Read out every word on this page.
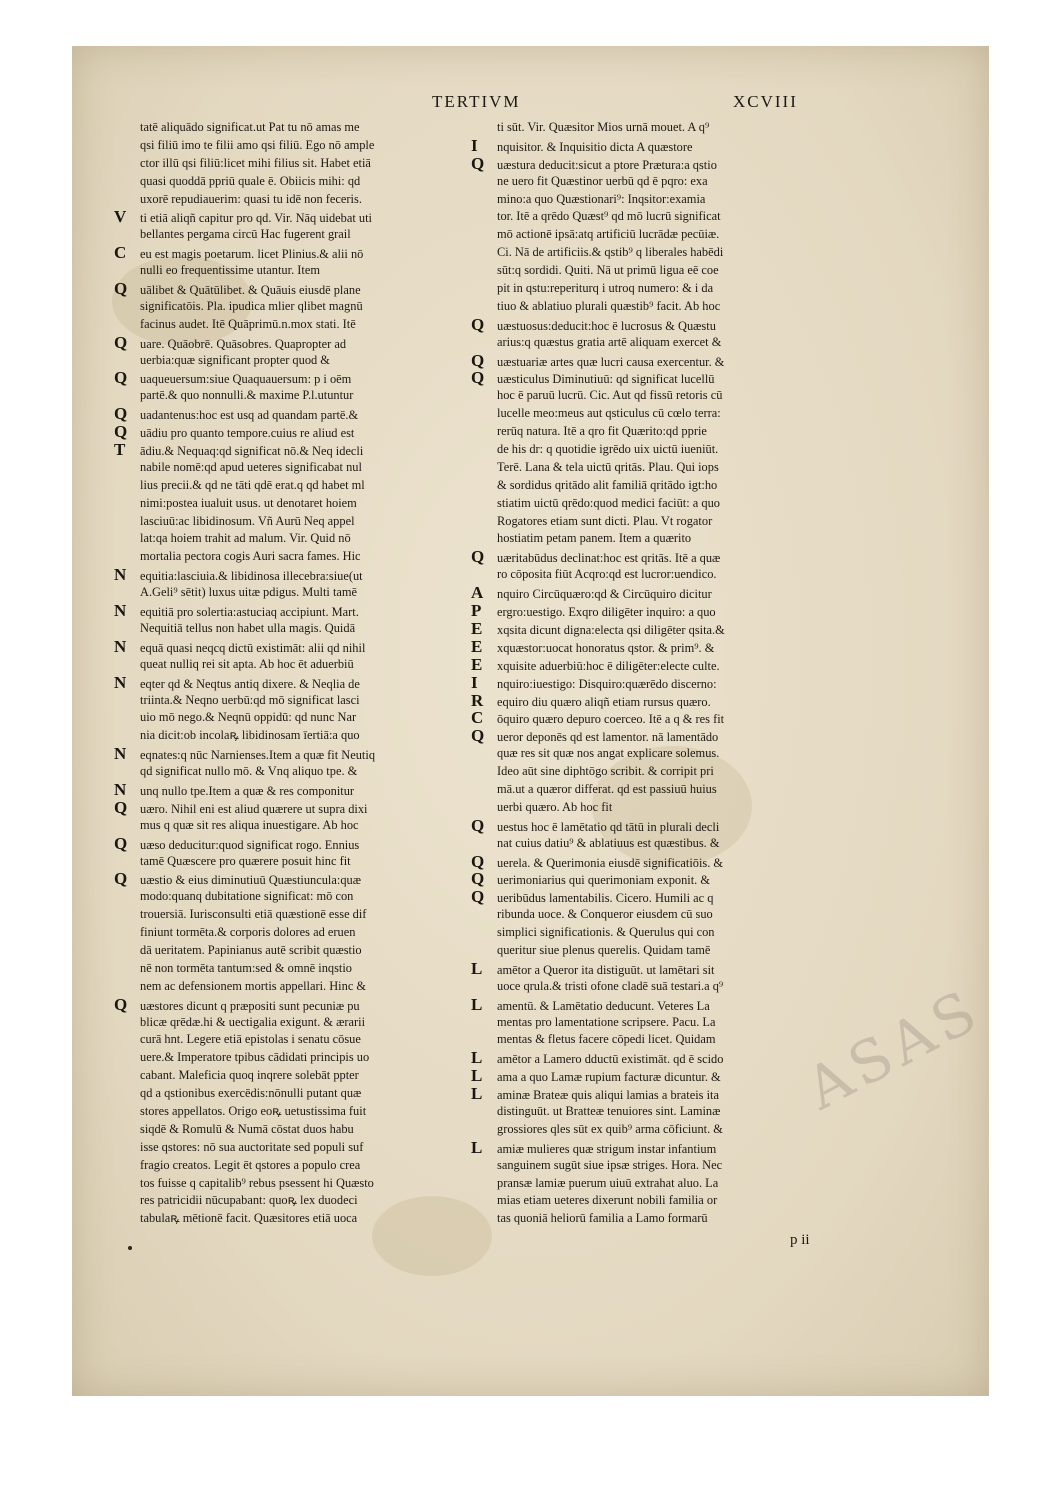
TERTIVM	XCVIII
tatē aliquādo significat.ut Pat tu nō amas me
qsi filiū imo te filii amo qsi filiū. Ego nō ample
ctor illū qsi filiū:licet mihi filius sit. Habet etiā
quasi quoddā ppriū quale ē. Obiicis mihi: qd
uxorē repudiauerim: quasi tu idē non feceris.
V ti etiā aliqñ capitur pro qd. Vir. Nāq uidebat uti
bellantes pergama circū Hac fugerent grail
C eu est magis poetarum. licet Plinius.& alii nō
nulli eo frequentissime utantur. Item
Q uālibet & Quātūlibet. & Quāuis eiusdē plane
significatōis. Pla. ipudica mlier qlibet magnū
facinus audet. Itē Quāprimū.n.mox stati. Itē
Q uare. Quāobrē. Quāsobres. Quapropter ad
uerbia:quæ significant propter quod &
Q uaqueuersum:siue Quaquauersum: p i oēm
partē.& quo nonnulli.& maxime P.l.utuntur
Q uadantenus:hoc est usq ad quandam partē.&
Q uādiu pro quanto tempore.cuius re aliud est
T ādiu.& Nequaq:qd significat nō.& Neq idecli
nabile nomē:qd apud ueteres significabat nul
lius precii.& qd ne tāti qdē erat.q qd habet ml
nimi:postea iualuit usus. ut denotaret hoiem
lasciuū:ac libidinosum. Vñ Aurū Neq appel
lat:qa hoiem trahit ad malum. Vir. Quid nō
mortalia pectora cogis Auri sacra fames. Hic
N equitia:lasciuia.& libidinosa illecebra:siue(ut
A.Geli⁹ sētit) luxus uitæ pdigus. Multi tamē
N equitiā pro solertia:astuciaq accipiunt. Mart.
Nequitiā tellus non habet ulla magis. Quidā
N equā quasi neqcq dictū existimāt: alii qd nihil
queat nulliq rei sit apta. Ab hoc ēt aduerbiū
N eqter qd & Neqtus antiq dixere. & Neqlia de
triinta.& Neqno uerbū:qd mō significat lasci
uio mō nego.& Neqnū oppidū: qd nunc Nar
nia dicit:ob incolaꝶ libidinosam īertiā:a quo
N eqnates:q nūc Narnienses.Item a quæ fit Neutiq
qd significat nullo mō. & Vnq aliquo tpe. &
N unq nullo tpe.Item a quæ & res componitur
Q uæro. Nihil eni est aliud quærere ut supra dixi
mus q quæ sit res aliqua inuestigare. Ab hoc
Q uæso deducitur:quod significat rogo. Ennius
tamē Quæscere pro quærere posuit hinc fit
Q uæstio & eius diminutiuū Quæstiuncula:quæ
modo:quanq dubitatione significat: mō con
trouersiā. Iurisconsulti etiā quæstionē esse dif
finiunt tormēta.& corporis dolores ad eruen
dā ueritatem. Papinianus autē scribit quæstio
nē non tormēta tantum:sed & omnē inqstio
nem ac defensionem mortis appellari. Hinc &
Q uæstores dicunt q præpositi sunt pecuniæ pu
blicæ qrēdæ.hi & uectigalia exigunt. & ærarii
curā hnt. Legere etiā epistolas i senatu cōsue
uere.& Imperatore tpibus cādidati principis uo
cabant. Maleficia quoq inqrere solebāt ppter
qd a qstionibus exercēdis:nōnulli putant quæ
stores appellatos. Origo eoꝶ uetustissima fuit
siqdē & Romulū & Numā cōstat duos habu
isse qstores: nō sua auctoritate sed populi suf
fragio creatos. Legit ēt qstores a populo crea
tos fuisse q capitalib⁹ rebus psessent hi Quæsto
res patricidii nūcupabant: quoꝶ lex duodeci
tabulaꝶ mētionē facit. Quæsitores etiā uoca
ti sūt. Vir. Quæsitor Mios urnā mouet. A q⁹
I nquisitor. & Inquisitio dicta A quæstore
Q uæstura deducit:sicut a ptore Prætura:a qstio
ne uero fit Quæstinor uerbū qd ē pqro: exa
mino:a quo Quæstionari⁹: Inqsitor:examia
tor. Itē a qrēdo Quæst⁹ qd mō lucrū significat
mō actionē ipsā:atq artificiū lucrādæ pecūiæ.
Ci. Nā de artificiis.& qstib⁹ q liberales habēdi
sūt:q sordidi. Quiti. Nā ut primū ligua eē coe
pit in qstu:reperiturq i utroq numero: & i da
tiuo & ablatiuo plurali quæstib⁹ facit. Ab hoc
Q uæstuosus:deducit:hoc ē lucrosus & Quæstu
arius:q quæstus gratia artē aliquam exercet &
Q uæstuariæ artes quæ lucri causa exercentur. &
Q uæsticulus Diminutiuū: qd significat lucellū
hoc ē paruū lucrū. Cic. Aut qd fissū retoris cū
lucelle meo:meus aut qsticulus cū cœlo terra:
rerūq natura. Itē a qro fit Quærito:qd pprie
de his dr: q quotidie igrēdo uix uictū iueniūt.
Terē. Lana & tela uictū qritās. Plau. Qui iops
& sordidus qritādo alit familiā qritādo igt:ho
stiatim uictū qrēdo:quod medici faciūt: a quo
Rogatores etiam sunt dicti. Plau. Vt rogator
hostiatim petam panem. Item a quærito
Q uæritabūdus declinat:hoc est qritās. Itē a quæ
ro cōposita fiūt Acqro:qd est lucror:uendico.
A nquiro Circūquæro:qd & Circūquiro dicitur
P ergro:uestigo. Exqro diligēter inquiro: a quo
E xqsita dicunt digna:electa qsi diligēter qsita.&
E xquæstor:uocat honoratus qstor. & prim⁹. &
E xquisite aduerbiū:hoc ē diligēter:electe culte.
I nquiro:iuestigo: Disquiro:quærēdo discerno:
R equiro diu quæro aliqñ etiam rursus quæro.
C ōquiro quæro depuro coerceo. Itē a q & res fit
Q ueror deponēs qd est lamentor. nā lamentādo
quæ res sit quæ nos angat explicare solemus.
Ideo aūt sine diphtōgo scribit. & corripit pri
mā.ut a quæror differat. qd est passiuū huius
uerbi quæro. Ab hoc fit
Q uestus hoc ē lamētatio qd tātū in plurali decli
nat cuius datiu⁹ & ablatiuus est quæstibus. &
Q uerela. & Querimonia eiusdē significatiōis. &
Q uerimoniarius qui querimoniam exponit. &
Q ueribūdus lamentabilis. Cicero. Humili ac q
ribunda uoce. & Conqueror eiusdem cū suo
simplici significationis. & Querulus qui con
queritur siue plenus querelis. Quidam tamē
L amētor a Queror ita distiguūt. ut lamētari sit
uoce qrula.& tristi ofone cladē suā testari.a q⁹
L amentū. & Lamētatio deducunt. Veteres La
mentas pro lamentatione scripsere. Pacu. La
mentas & fletus facere cōpedi licet. Quidam
L amētor a Lamero dductū existimāt. qd ē scido
L ama a quo Lamæ rupium facturæ dicuntur. &
L aminæ Brateæ quis aliqui lamias a brateis ita
distinguūt. ut Bratteæ tenuiores sint. Laminæ
grossiores qles sūt ex quib⁹ arma cōficiunt. &
L amiæ mulieres quæ strigum instar infantium
sanguinem sugūt siue ipsæ striges. Hora. Nec
pransæ lamiæ puerum uiuū extrahat aluo. La
mias etiam ueteres dixerunt nobili familia or
tas quoniā heliorū familia a Lamo formarū
p ii
ASAS
